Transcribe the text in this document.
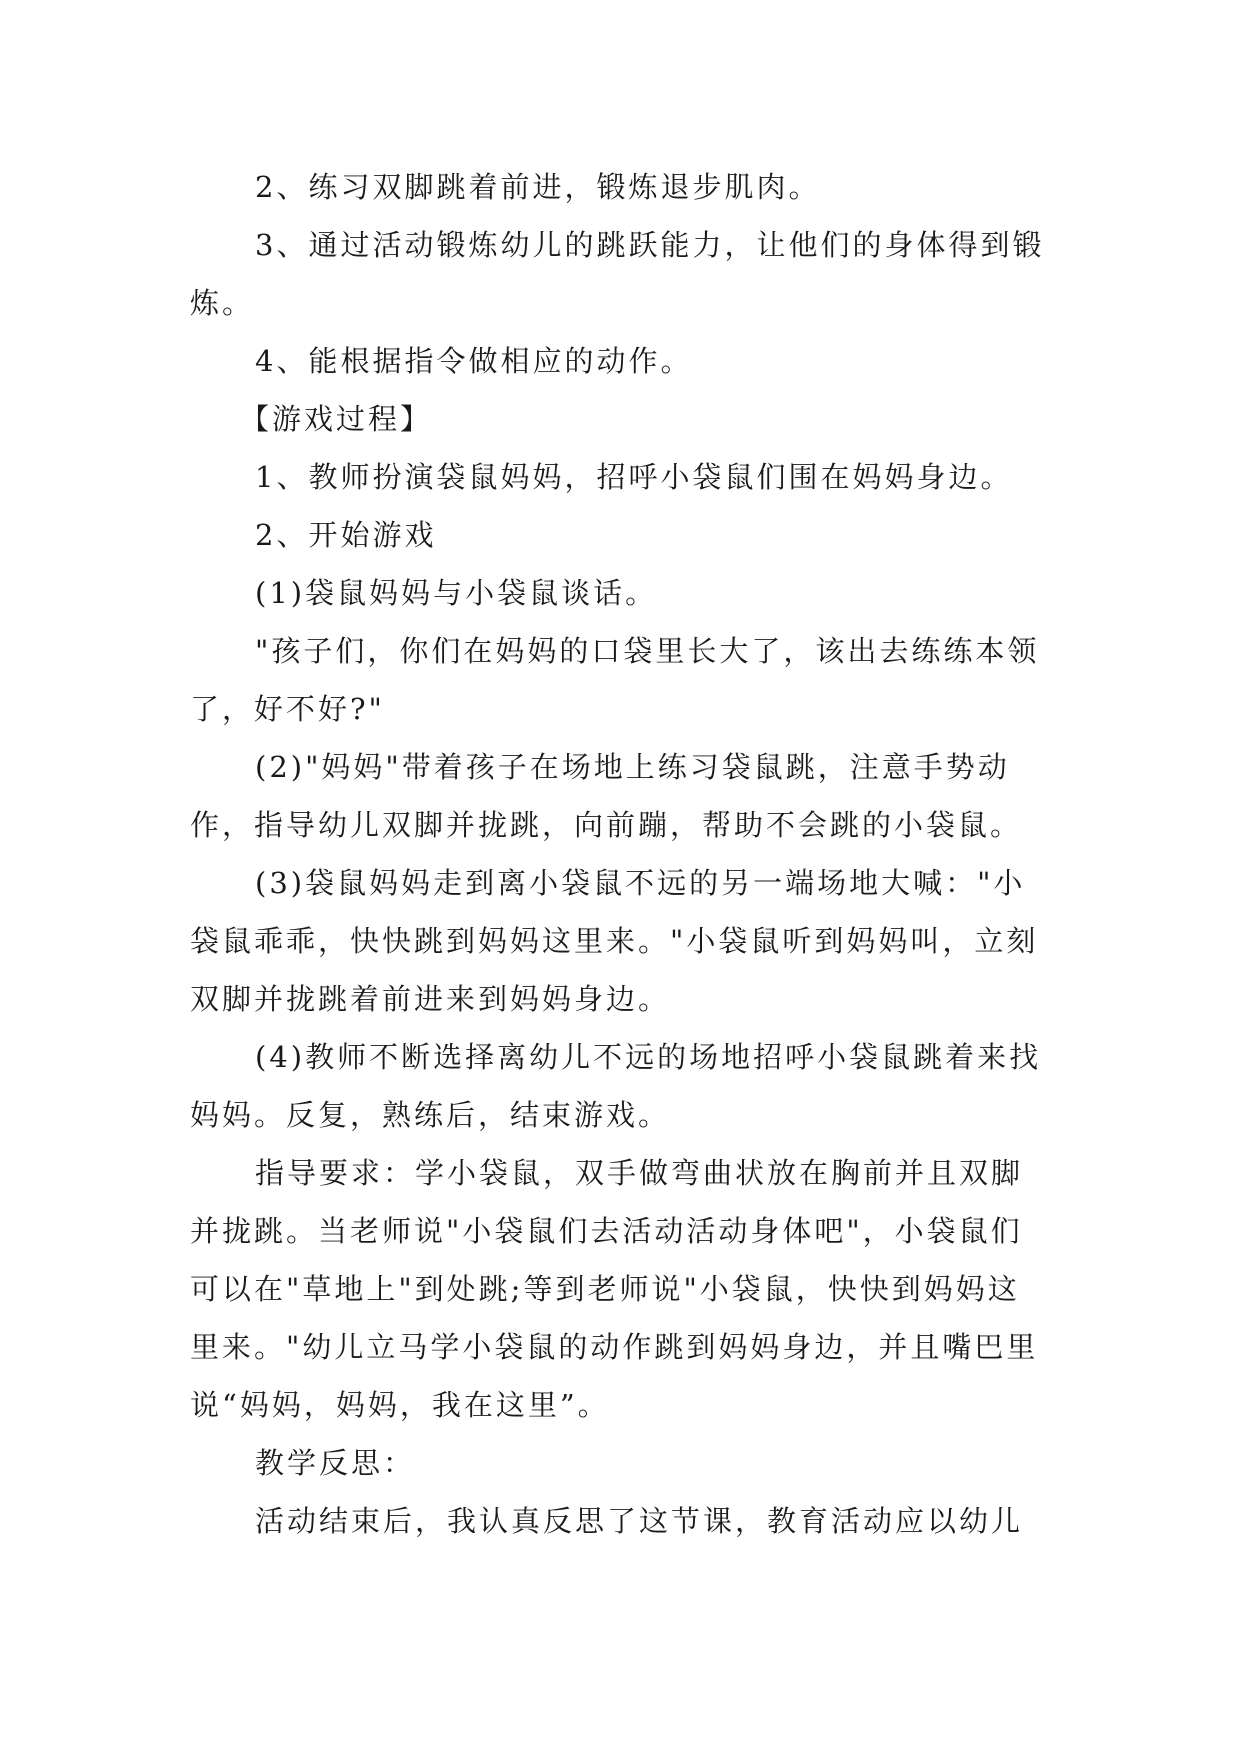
2、练习双脚跳着前进，锻炼退步肌肉。

3、通过活动锻炼幼儿的跳跃能力，让他们的身体得到锻炼。

4、能根据指令做相应的动作。

【游戏过程】

1、教师扮演袋鼠妈妈，招呼小袋鼠们围在妈妈身边。

2、开始游戏

(1)袋鼠妈妈与小袋鼠谈话。

"孩子们，你们在妈妈的口袋里长大了，该出去练练本领了，好不好?"

(2)"妈妈"带着孩子在场地上练习袋鼠跳，注意手势动作，指导幼儿双脚并拢跳，向前蹦，帮助不会跳的小袋鼠。

(3)袋鼠妈妈走到离小袋鼠不远的另一端场地大喊："小袋鼠乖乖，快快跳到妈妈这里来。"小袋鼠听到妈妈叫，立刻双脚并拢跳着前进来到妈妈身边。

(4)教师不断选择离幼儿不远的场地招呼小袋鼠跳着来找妈妈。反复，熟练后，结束游戏。

指导要求：学小袋鼠，双手做弯曲状放在胸前并且双脚并拢跳。当老师说"小袋鼠们去活动活动身体吧"，小袋鼠们可以在"草地上"到处跳;等到老师说"小袋鼠，快快到妈妈这里来。"幼儿立马学小袋鼠的动作跳到妈妈身边，并且嘴巴里说“妈妈，妈妈，我在这里”。

教学反思：

活动结束后，我认真反思了这节课，教育活动应以幼儿
